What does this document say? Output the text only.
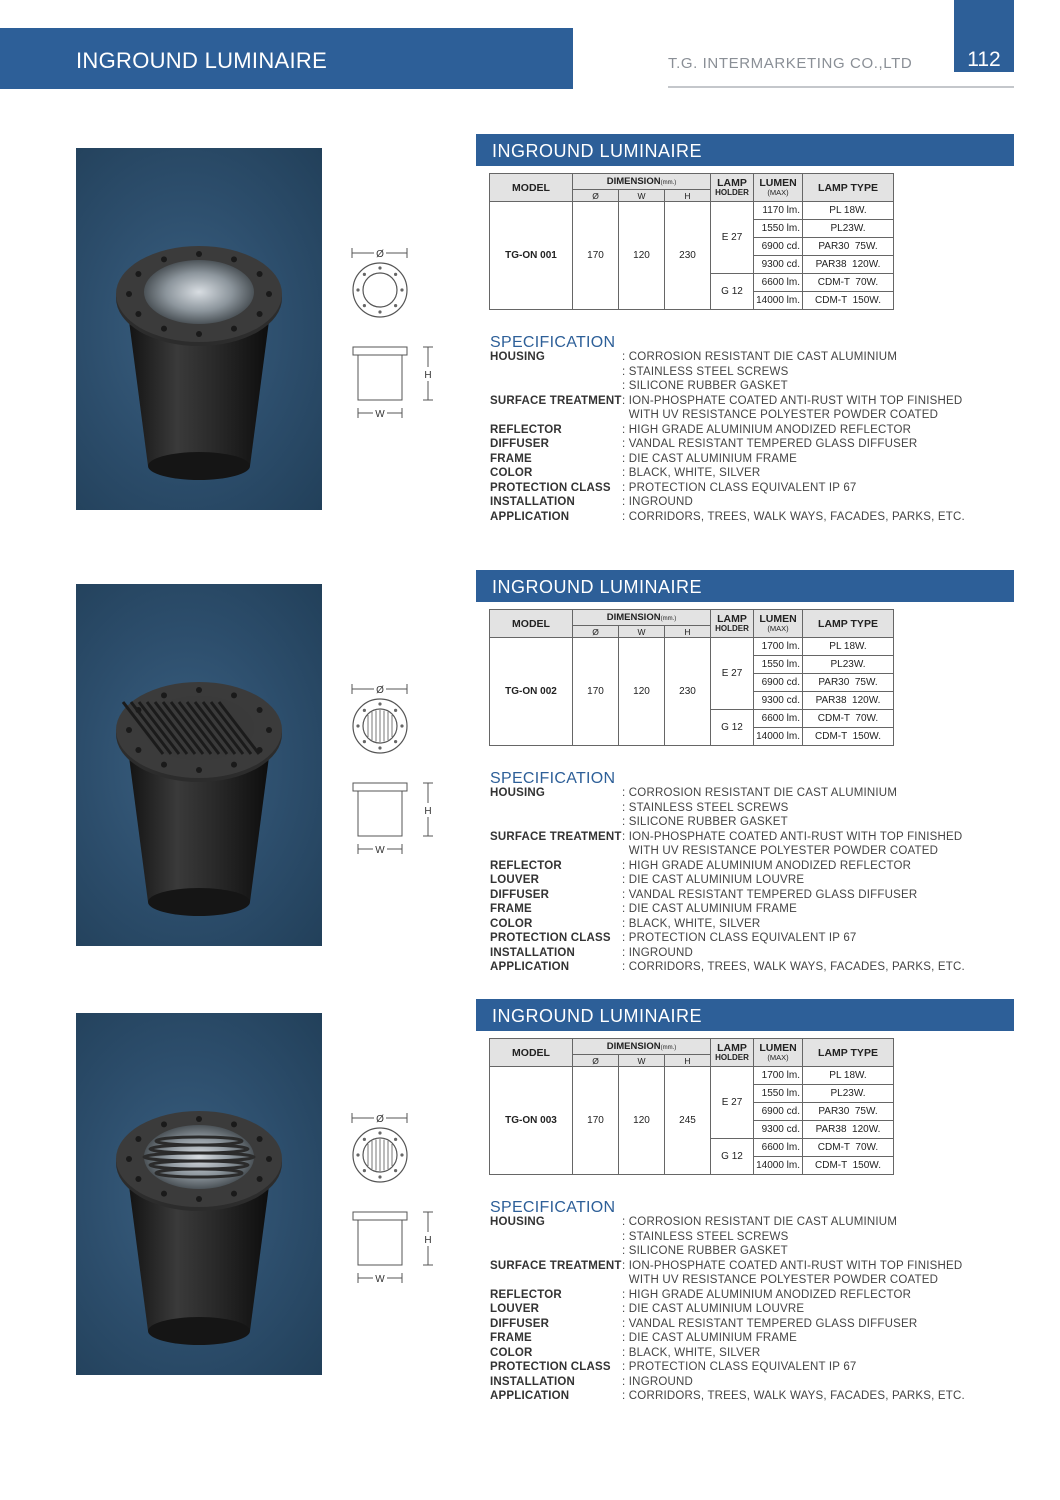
INGROUND LUMINAIRE	T.G. INTERMARKETING CO.,LTD	112
Ø
H
W
INGROUND LUMINAIRE
MODEL	DIMENSION(mm.)			LAMP
HOLDER	LUMEN
(MAX)	LAMP TYPE
	Ø	W	H			
TG-ON 001	170	120	230	E 27	1170 lm.	PL 18W.
					1550 lm.	PL23W.
					6900 cd.	PAR30  75W.
					9300 cd.	PAR38  120W.
				G 12	6600 lm.	CDM-T  70W.
					14000 lm.	CDM-T  150W.
SPECIFICATION
HOUSING	: CORROSION RESISTANT DIE CAST ALUMINIUM
: STAINLESS STEEL SCREWS
: SILICONE RUBBER GASKET
SURFACE TREATMENT: ION-PHOSPHATE COATED ANTI-RUST WITH TOP FINISHED
WITH UV RESISTANCE POLYESTER POWDER COATED
REFLECTOR	: HIGH GRADE ALUMINIUM ANODIZED REFLECTOR
DIFFUSER	: VANDAL RESISTANT TEMPERED GLASS DIFFUSER
FRAME	: DIE CAST ALUMINIUM FRAME
COLOR	: BLACK, WHITE, SILVER
PROTECTION CLASS : PROTECTION CLASS EQUIVALENT IP 67
INSTALLATION	: INGROUND
APPLICATION	: CORRIDORS, TREES, WALK WAYS, FACADES, PARKS, ETC.
Ø
H
W
INGROUND LUMINAIRE
MODEL	DIMENSION(mm.)			LAMP
HOLDER	LUMEN
(MAX)	LAMP TYPE
	Ø	W	H			
TG-ON 002	170	120	230	E 27	1700 lm.	PL 18W.
					1550 lm.	PL23W.
					6900 cd.	PAR30  75W.
					9300 cd.	PAR38  120W.
				G 12	6600 lm.	CDM-T  70W.
					14000 lm.	CDM-T  150W.
SPECIFICATION
HOUSING	: CORROSION RESISTANT DIE CAST ALUMINIUM
: STAINLESS STEEL SCREWS
: SILICONE RUBBER GASKET
SURFACE TREATMENT: ION-PHOSPHATE COATED ANTI-RUST WITH TOP FINISHED
WITH UV RESISTANCE POLYESTER POWDER COATED
REFLECTOR	: HIGH GRADE ALUMINIUM ANODIZED REFLECTOR
LOUVER	: DIE CAST ALUMINIUM LOUVRE
DIFFUSER	: VANDAL RESISTANT TEMPERED GLASS DIFFUSER
FRAME	: DIE CAST ALUMINIUM FRAME
COLOR	: BLACK, WHITE, SILVER
PROTECTION CLASS : PROTECTION CLASS EQUIVALENT IP 67
INSTALLATION	: INGROUND
APPLICATION	: CORRIDORS, TREES, WALK WAYS, FACADES, PARKS, ETC.
Ø
H
W
INGROUND LUMINAIRE
MODEL	DIMENSION(mm.)			LAMP
HOLDER	LUMEN
(MAX)	LAMP TYPE
	Ø	W	H			
TG-ON 003	170	120	245	E 27	1700 lm.	PL 18W.
					1550 lm.	PL23W.
					6900 cd.	PAR30  75W.
					9300 cd.	PAR38  120W.
				G 12	6600 lm.	CDM-T  70W.
					14000 lm.	CDM-T  150W.
SPECIFICATION
HOUSING	: CORROSION RESISTANT DIE CAST ALUMINIUM
: STAINLESS STEEL SCREWS
: SILICONE RUBBER GASKET
SURFACE TREATMENT: ION-PHOSPHATE COATED ANTI-RUST WITH TOP FINISHED
WITH UV RESISTANCE POLYESTER POWDER COATED
REFLECTOR	: HIGH GRADE ALUMINIUM ANODIZED REFLECTOR
LOUVER	: DIE CAST ALUMINIUM LOUVRE
DIFFUSER	: VANDAL RESISTANT TEMPERED GLASS DIFFUSER
FRAME	: DIE CAST ALUMINIUM FRAME
COLOR	: BLACK, WHITE, SILVER
PROTECTION CLASS : PROTECTION CLASS EQUIVALENT IP 67
INSTALLATION	: INGROUND
APPLICATION	: CORRIDORS, TREES, WALK WAYS, FACADES, PARKS, ETC.
